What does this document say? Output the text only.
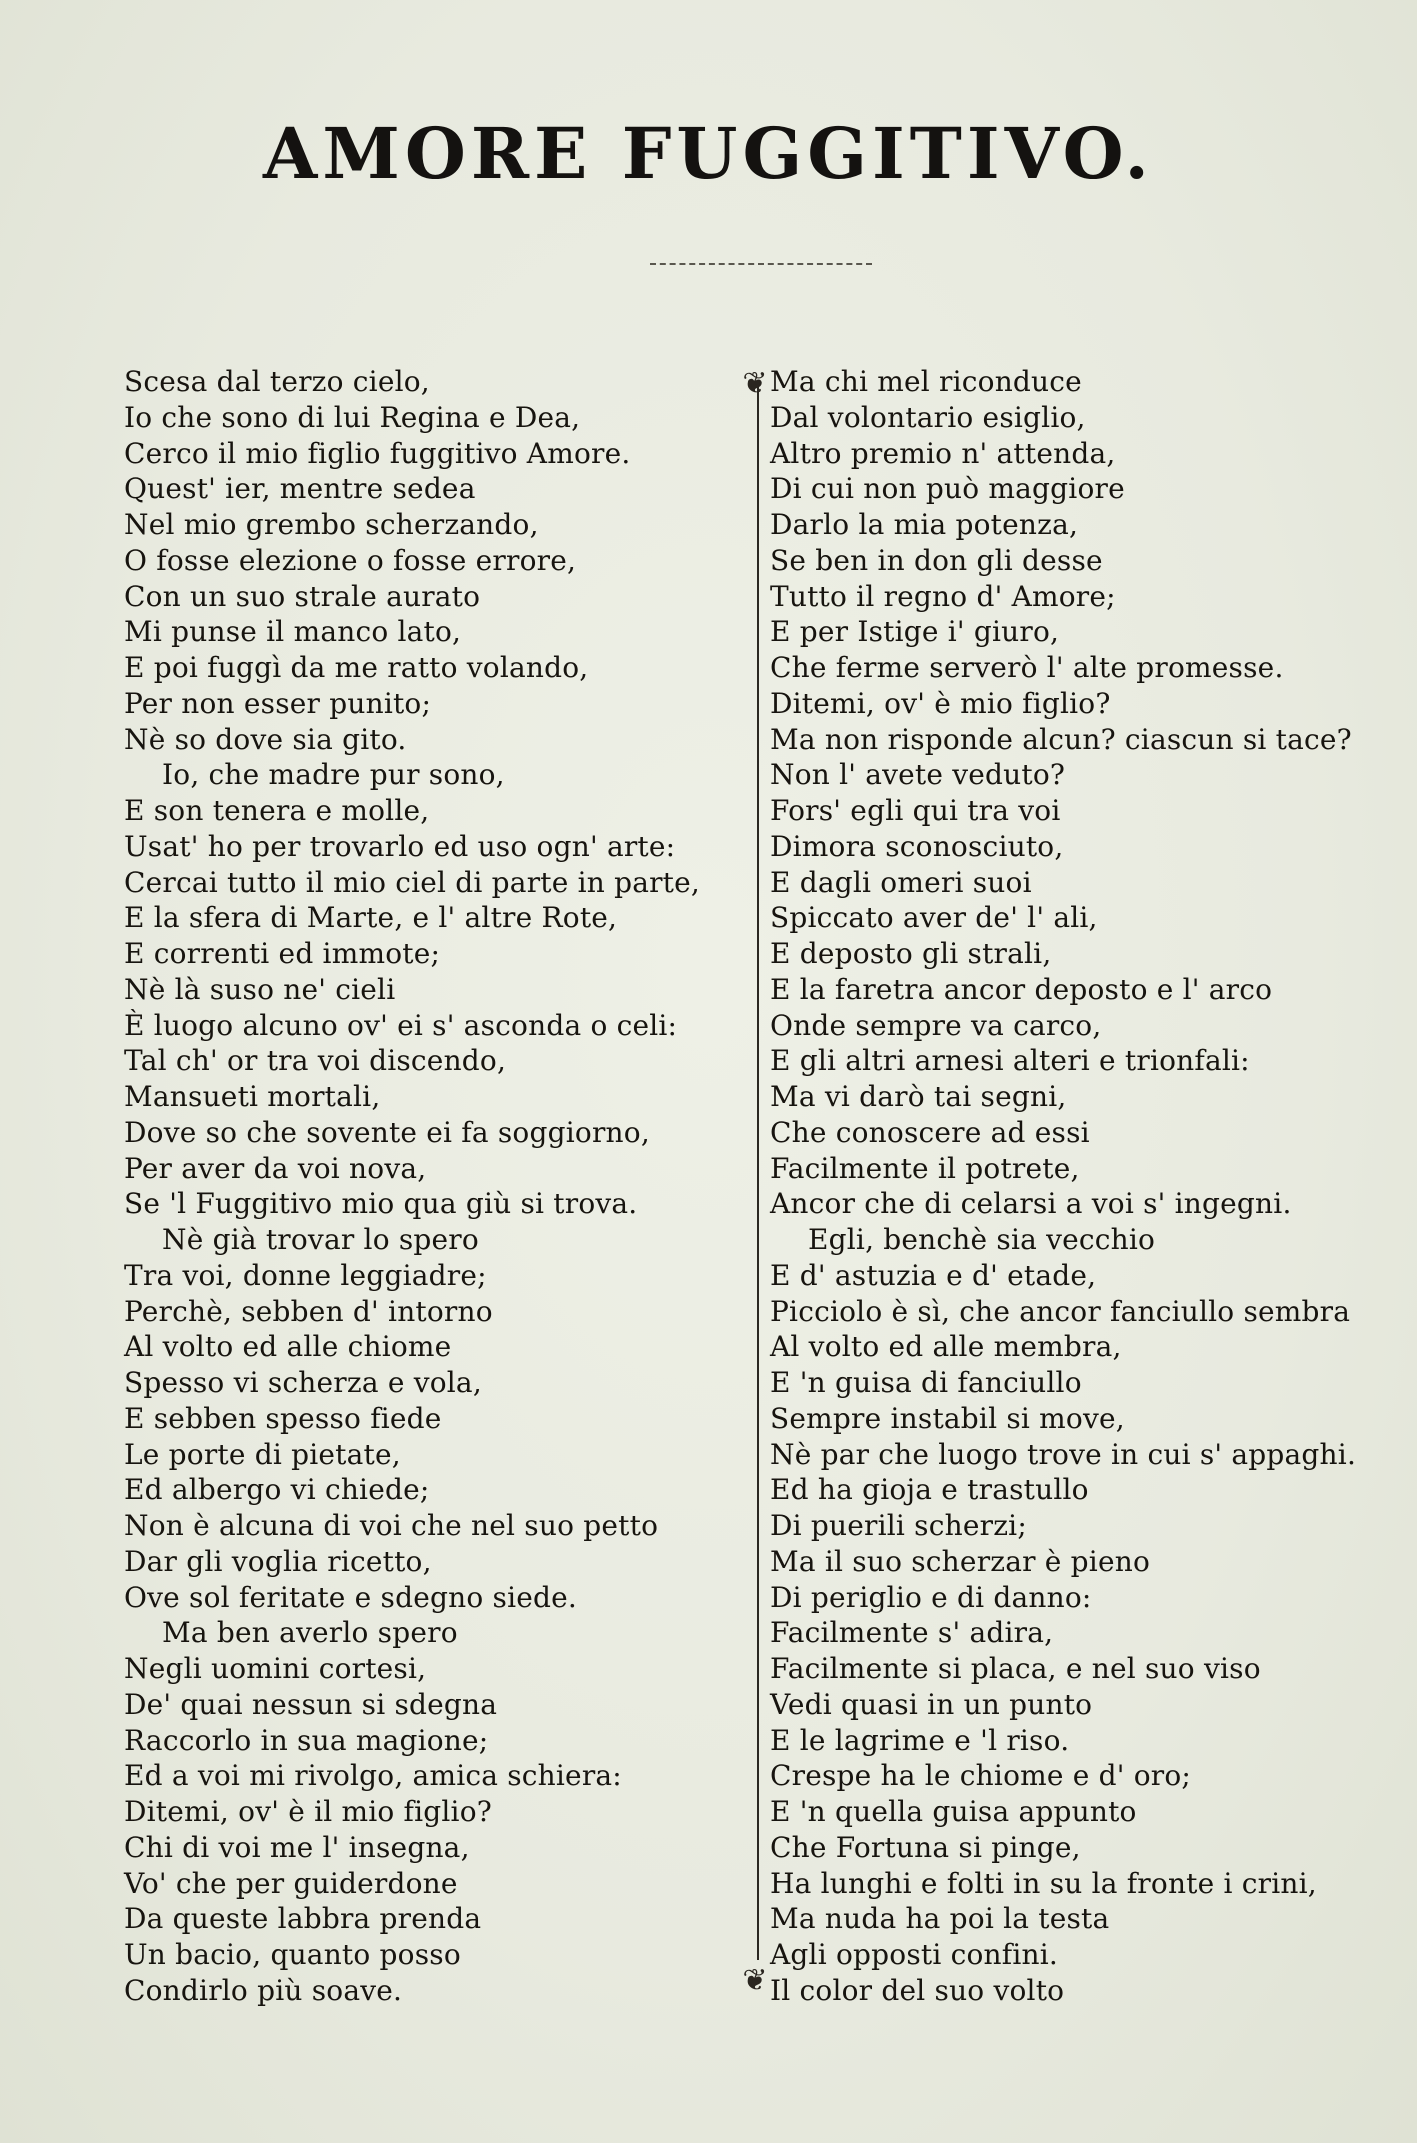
AMORE FUGGITIVO.
Scesa dal terzo cielo,
Io che sono di lui Regina e Dea,
Cerco il mio figlio fuggitivo Amore.
Quest' ier, mentre sedea
Nel mio grembo scherzando,
O fosse elezione o fosse errore,
Con un suo strale aurato
Mi punse il manco lato,
E poi fuggì da me ratto volando,
Per non esser punito;
Nè so dove sia gito.
Io, che madre pur sono,
E son tenera e molle,
Usat' ho per trovarlo ed uso ogn' arte:
Cercai tutto il mio ciel di parte in parte,
E la sfera di Marte, e l' altre Rote,
E correnti ed immote;
Nè là suso ne' cieli
È luogo alcuno ov' ei s' asconda o celi:
Tal ch' or tra voi discendo,
Mansueti mortali,
Dove so che sovente ei fa soggiorno,
Per aver da voi nova,
Se 'l Fuggitivo mio qua giù si trova.
Nè già trovar lo spero
Tra voi, donne leggiadre;
Perchè, sebben d' intorno
Al volto ed alle chiome
Spesso vi scherza e vola,
E sebben spesso fiede
Le porte di pietate,
Ed albergo vi chiede;
Non è alcuna di voi che nel suo petto
Dar gli voglia ricetto,
Ove sol feritate e sdegno siede.
Ma ben averlo spero
Negli uomini cortesi,
De' quai nessun si sdegna
Raccorlo in sua magione;
Ed a voi mi rivolgo, amica schiera:
Ditemi, ov' è il mio figlio?
Chi di voi me l' insegna,
Vo' che per guiderdone
Da queste labbra prenda
Un bacio, quanto posso
Condirlo più soave.
❦
❦
Ma chi mel riconduce
Dal volontario esiglio,
Altro premio n' attenda,
Di cui non può maggiore
Darlo la mia potenza,
Se ben in don gli desse
Tutto il regno d' Amore;
E per Istige i' giuro,
Che ferme serverò l' alte promesse.
Ditemi, ov' è mio figlio?
Ma non risponde alcun? ciascun si tace?
Non l' avete veduto?
Fors' egli qui tra voi
Dimora sconosciuto,
E dagli omeri suoi
Spiccato aver de' l' ali,
E deposto gli strali,
E la faretra ancor deposto e l' arco
Onde sempre va carco,
E gli altri arnesi alteri e trionfali:
Ma vi darò tai segni,
Che conoscere ad essi
Facilmente il potrete,
Ancor che di celarsi a voi s' ingegni.
Egli, benchè sia vecchio
E d' astuzia e d' etade,
Picciolo è sì, che ancor fanciullo sembra
Al volto ed alle membra,
E 'n guisa di fanciullo
Sempre instabil si move,
Nè par che luogo trove in cui s' appaghi.
Ed ha gioja e trastullo
Di puerili scherzi;
Ma il suo scherzar è pieno
Di periglio e di danno:
Facilmente s' adira,
Facilmente si placa, e nel suo viso
Vedi quasi in un punto
E le lagrime e 'l riso.
Crespe ha le chiome e d' oro;
E 'n quella guisa appunto
Che Fortuna si pinge,
Ha lunghi e folti in su la fronte i crini,
Ma nuda ha poi la testa
Agli opposti confini.
Il color del suo volto
